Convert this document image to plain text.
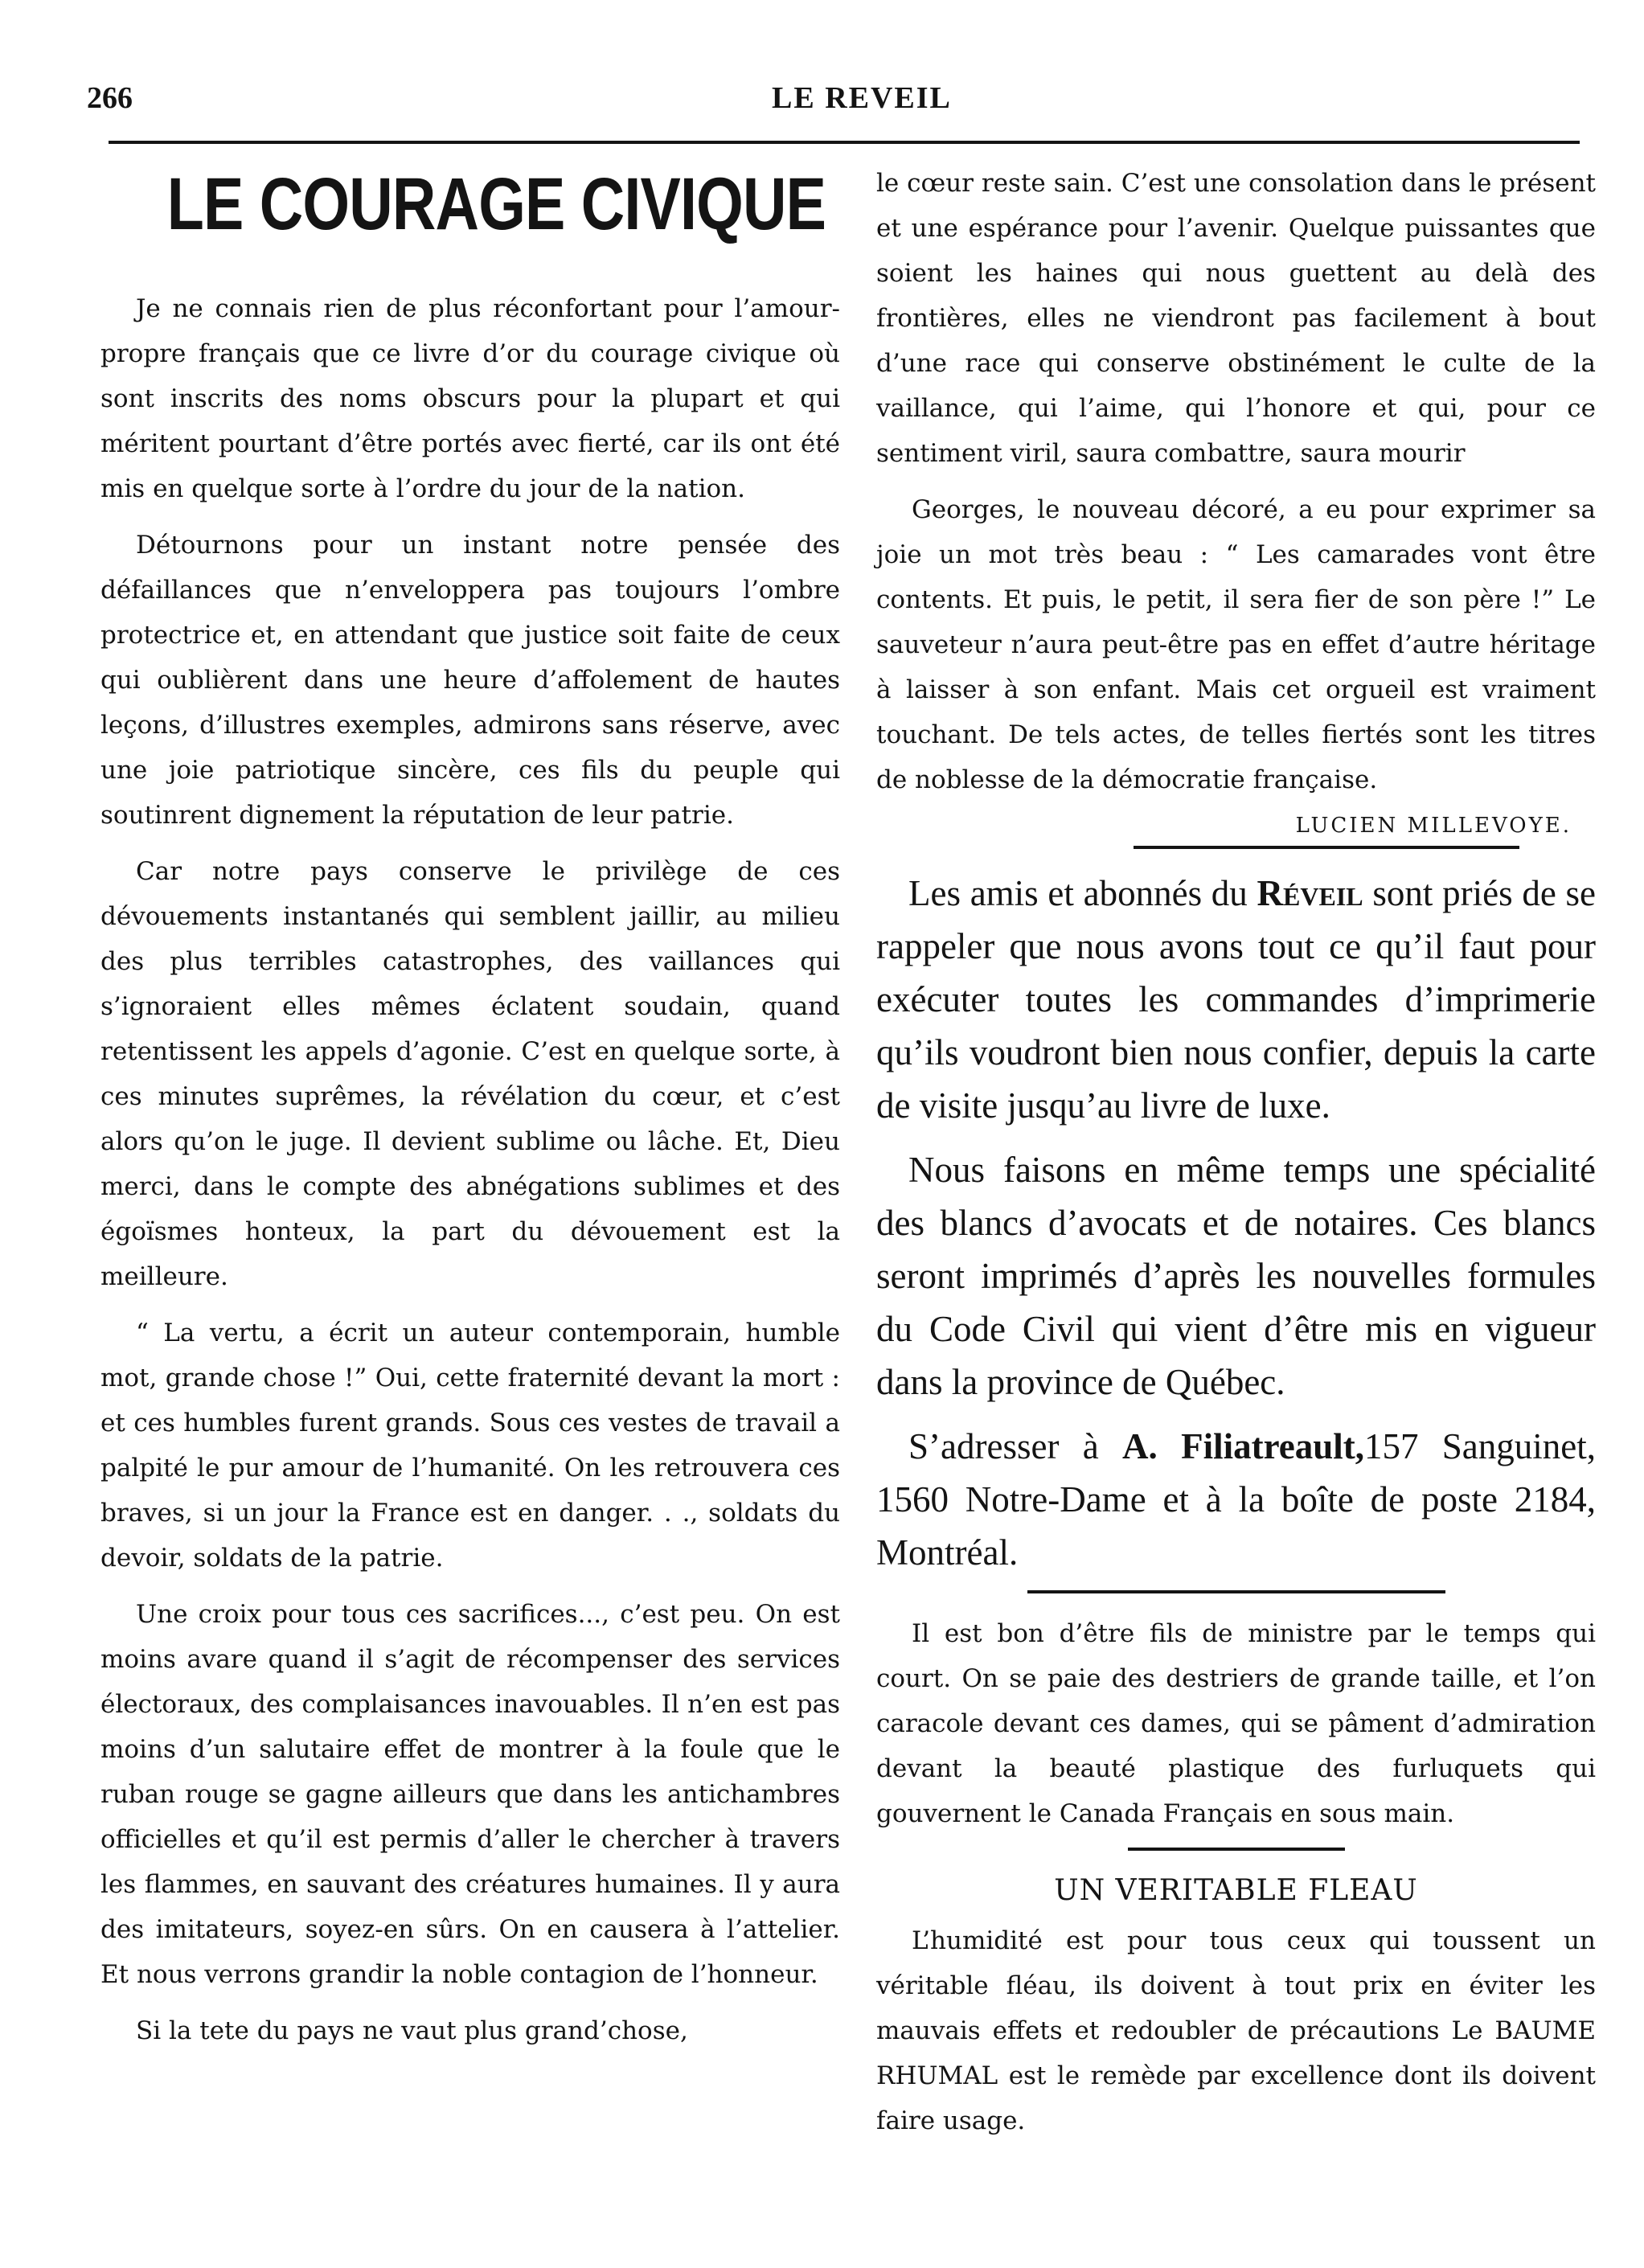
266	LE REVEIL
LE COURAGE CIVIQUE

Je ne connais rien de plus réconfortant pour l’amour-propre français que ce livre d’or du courage civique où sont inscrits des noms obscurs pour la plupart et qui méritent pourtant d’être portés avec fierté, car ils ont été mis en quelque sorte à l’ordre du jour de la nation.

Détournons pour un instant notre pensée des défaillances que n’enveloppera pas toujours l’ombre protectrice et, en attendant que justice soit faite de ceux qui oublièrent dans une heure d’affolement de hautes leçons, d’illustres exemples, admirons sans réserve, avec une joie patriotique sincère, ces fils du peuple qui soutinrent dignement la réputation de leur patrie.

Car notre pays conserve le privilège de ces dévouements instantanés qui semblent jaillir, au milieu des plus terribles catastrophes, des vaillances qui s’ignoraient elles mêmes éclatent soudain, quand retentissent les appels d’agonie. C’est en quelque sorte, à ces minutes suprêmes, la révélation du cœur, et c’est alors qu’on le juge. Il devient sublime ou lâche. Et, Dieu merci, dans le compte des abnégations sublimes et des égoïsmes honteux, la part du dévouement est la meilleure.

“ La vertu, a écrit un auteur contemporain, humble mot, grande chose !” Oui, cette fraternité devant la mort : et ces humbles furent grands. Sous ces vestes de travail a palpité le pur amour de l’humanité. On les retrouvera ces braves, si un jour la France est en danger. . ., soldats du devoir, soldats de la patrie.

Une croix pour tous ces sacrifices..., c’est peu. On est moins avare quand il s’agit de récompenser des services électoraux, des complaisances inavouables. Il n’en est pas moins d’un salutaire effet de montrer à la foule que le ruban rouge se gagne ailleurs que dans les antichambres officielles et qu’il est permis d’aller le chercher à travers les flammes, en sauvant des créatures humaines. Il y aura des imitateurs, soyez-en sûrs. On en causera à l’attelier. Et nous verrons grandir la noble contagion de l’honneur.

Si la tete du pays ne vaut plus grand’chose,

le cœur reste sain. C’est une consolation dans le présent et une espérance pour l’avenir. Quelque puissantes que soient les haines qui nous guettent au delà des frontières, elles ne viendront pas facilement à bout d’une race qui conserve obstinément le culte de la vaillance, qui l’aime, qui l’honore et qui, pour ce sentiment viril, saura combattre, saura mourir

Georges, le nouveau décoré, a eu pour exprimer sa joie un mot très beau : “ Les camarades vont être contents. Et puis, le petit, il sera fier de son père !” Le sauveteur n’aura peut-être pas en effet d’autre héritage à laisser à son enfant. Mais cet orgueil est vraiment touchant. De tels actes, de telles fiertés sont les titres de noblesse de la démocratie française.

LUCIEN MILLEVOYE.

Les amis et abonnés du Réveil sont priés de se rappeler que nous avons tout ce qu’il faut pour exécuter toutes les commandes d’imprimerie qu’ils voudront bien nous confier, depuis la carte de visite jusqu’au livre de luxe.

Nous faisons en même temps une spécialité des blancs d’avocats et de notaires. Ces blancs seront imprimés d’après les nouvelles formules du Code Civil qui vient d’être mis en vigueur dans la province de Québec.

S’adresser à A. Filiatreault,157 Sanguinet, 1560 Notre-Dame et à la boîte de poste 2184, Montréal.

Il est bon d’être fils de ministre par le temps qui court. On se paie des destriers de grande taille, et l’on caracole devant ces dames, qui se pâment d’admiration devant la beauté plastique des furluquets qui gouvernent le Canada Français en sous main.

UN VERITABLE FLEAU

L’humidité est pour tous ceux qui toussent un véritable fléau, ils doivent à tout prix en éviter les mauvais effets et redoubler de précautions Le BAUME RHUMAL est le remède par excellence dont ils doivent faire usage.
